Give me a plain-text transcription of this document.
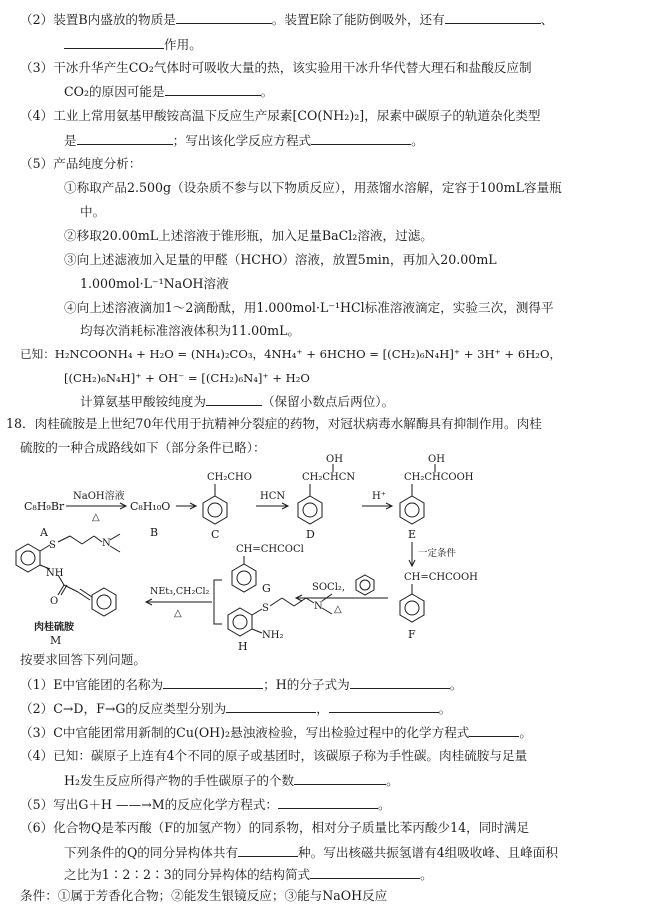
（2）装置B内盛放的物质是	。装置E除了能防倒吸外，还有	、
作用。
（3）干冰升华产生CO₂气体时可吸收大量的热，该实验用干冰升华代替大理石和盐酸反应制
CO₂的原因可能是	。
（4）工业上常用氨基甲酸铵高温下反应生产尿素[CO(NH₂)₂]，尿素中碳原子的轨道杂化类型
是	；写出该化学反应方程式	。
（5）产品纯度分析：
①称取产品2.500g（设杂质不参与以下物质反应），用蒸馏水溶解，定容于100mL容量瓶
中。
②移取20.00mL上述溶液于锥形瓶，加入足量BaCl₂溶液，过滤。
③向上述滤液加入足量的甲醛（HCHO）溶液，放置5min，再加入20.00mL
1.000mol·L⁻¹NaOH溶液
④向上述溶液滴加1～2滴酚酞，用1.000mol·L⁻¹HCl标准溶液滴定，实验三次，测得平
均每次消耗标准溶液体积为11.00mL。
已知：H₂NCOONH₄ + H₂O = (NH₄)₂CO₃，4NH₄⁺ + 6HCHO = [(CH₂)₆N₄H]⁺ + 3H⁺ + 6H₂O，
[(CH₂)₆N₄H]⁺ + OH⁻ = [(CH₂)₆N₄]⁺ + H₂O
计算氨基甲酸铵纯度为	（保留小数点后两位）。
18．肉桂硫胺是上世纪70年代用于抗精神分裂症的药物，对冠状病毒水解酶具有抑制作用。肉桂
硫胺的一种合成路线如下（部分条件已略）：
C₈H₉Br
A
NaOH溶液
△
C₈H₁₀O
B
CH₂CHO
C
HCN
OH
CH₂CHCN
D
H⁺
OH
CH₂CHCOOH
E
一定条件
CH=CHCOOH
F
SOCl₂,
△
CH=CHCOCl
G
S	N
NH₂
H
NEt₃,CH₂Cl₂
△
S	N
NH
O
肉桂硫胺
M
按要求回答下列问题。
（1）E中官能团的名称为	；H的分子式为	。
（2）C→D，F→G的反应类型分别为	，	。
（3）C中官能团常用新制的Cu(OH)₂悬浊液检验，写出检验过程中的化学方程式	。
（4）已知：碳原子上连有4个不同的原子或基团时，该碳原子称为手性碳。肉桂硫胺与足量
H₂发生反应所得产物的手性碳原子的个数	。
（5）写出G＋H ——→M的反应化学方程式：	。
（6）化合物Q是苯丙酸（F的加氢产物）的同系物，相对分子质量比苯丙酸少14，同时满足
下列条件的Q的同分异构体共有	种。写出核磁共振氢谱有4组吸收峰、且峰面积
之比为1∶2∶2∶3的同分异构体的结构简式	。
条件：①属于芳香化合物；②能发生银镜反应；③能与NaOH反应
